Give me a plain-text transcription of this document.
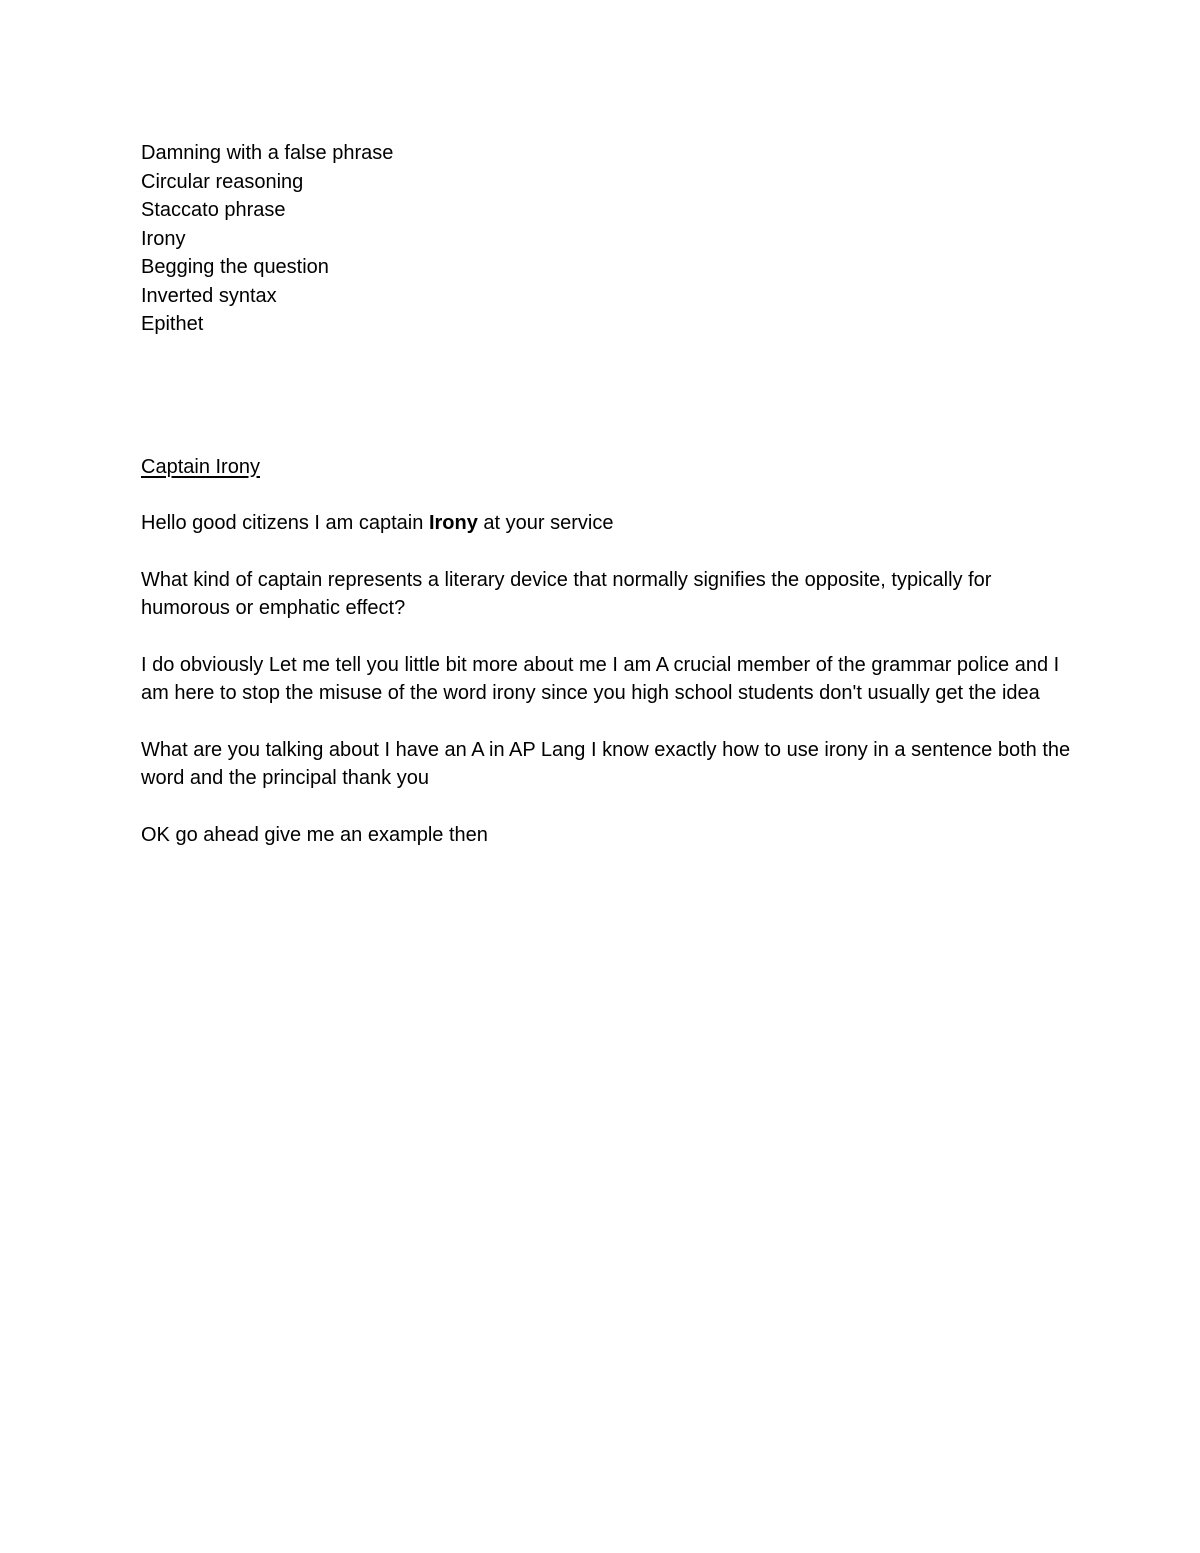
Damning with a false phrase
Circular reasoning
Staccato phrase
Irony
Begging the question
Inverted syntax
Epithet
Captain Irony

Hello good citizens I am captain Irony at your service

What kind of captain represents a literary device that normally signifies the opposite, typically for humorous or emphatic effect?

I do obviously Let me tell you little bit more about me I am A crucial member of the grammar police and I am here to stop the misuse of the word irony since you high school students don't usually get the idea

What are you talking about I have an A in AP Lang I know exactly how to use irony in a sentence both the word and the principal thank you

OK go ahead give me an example then
